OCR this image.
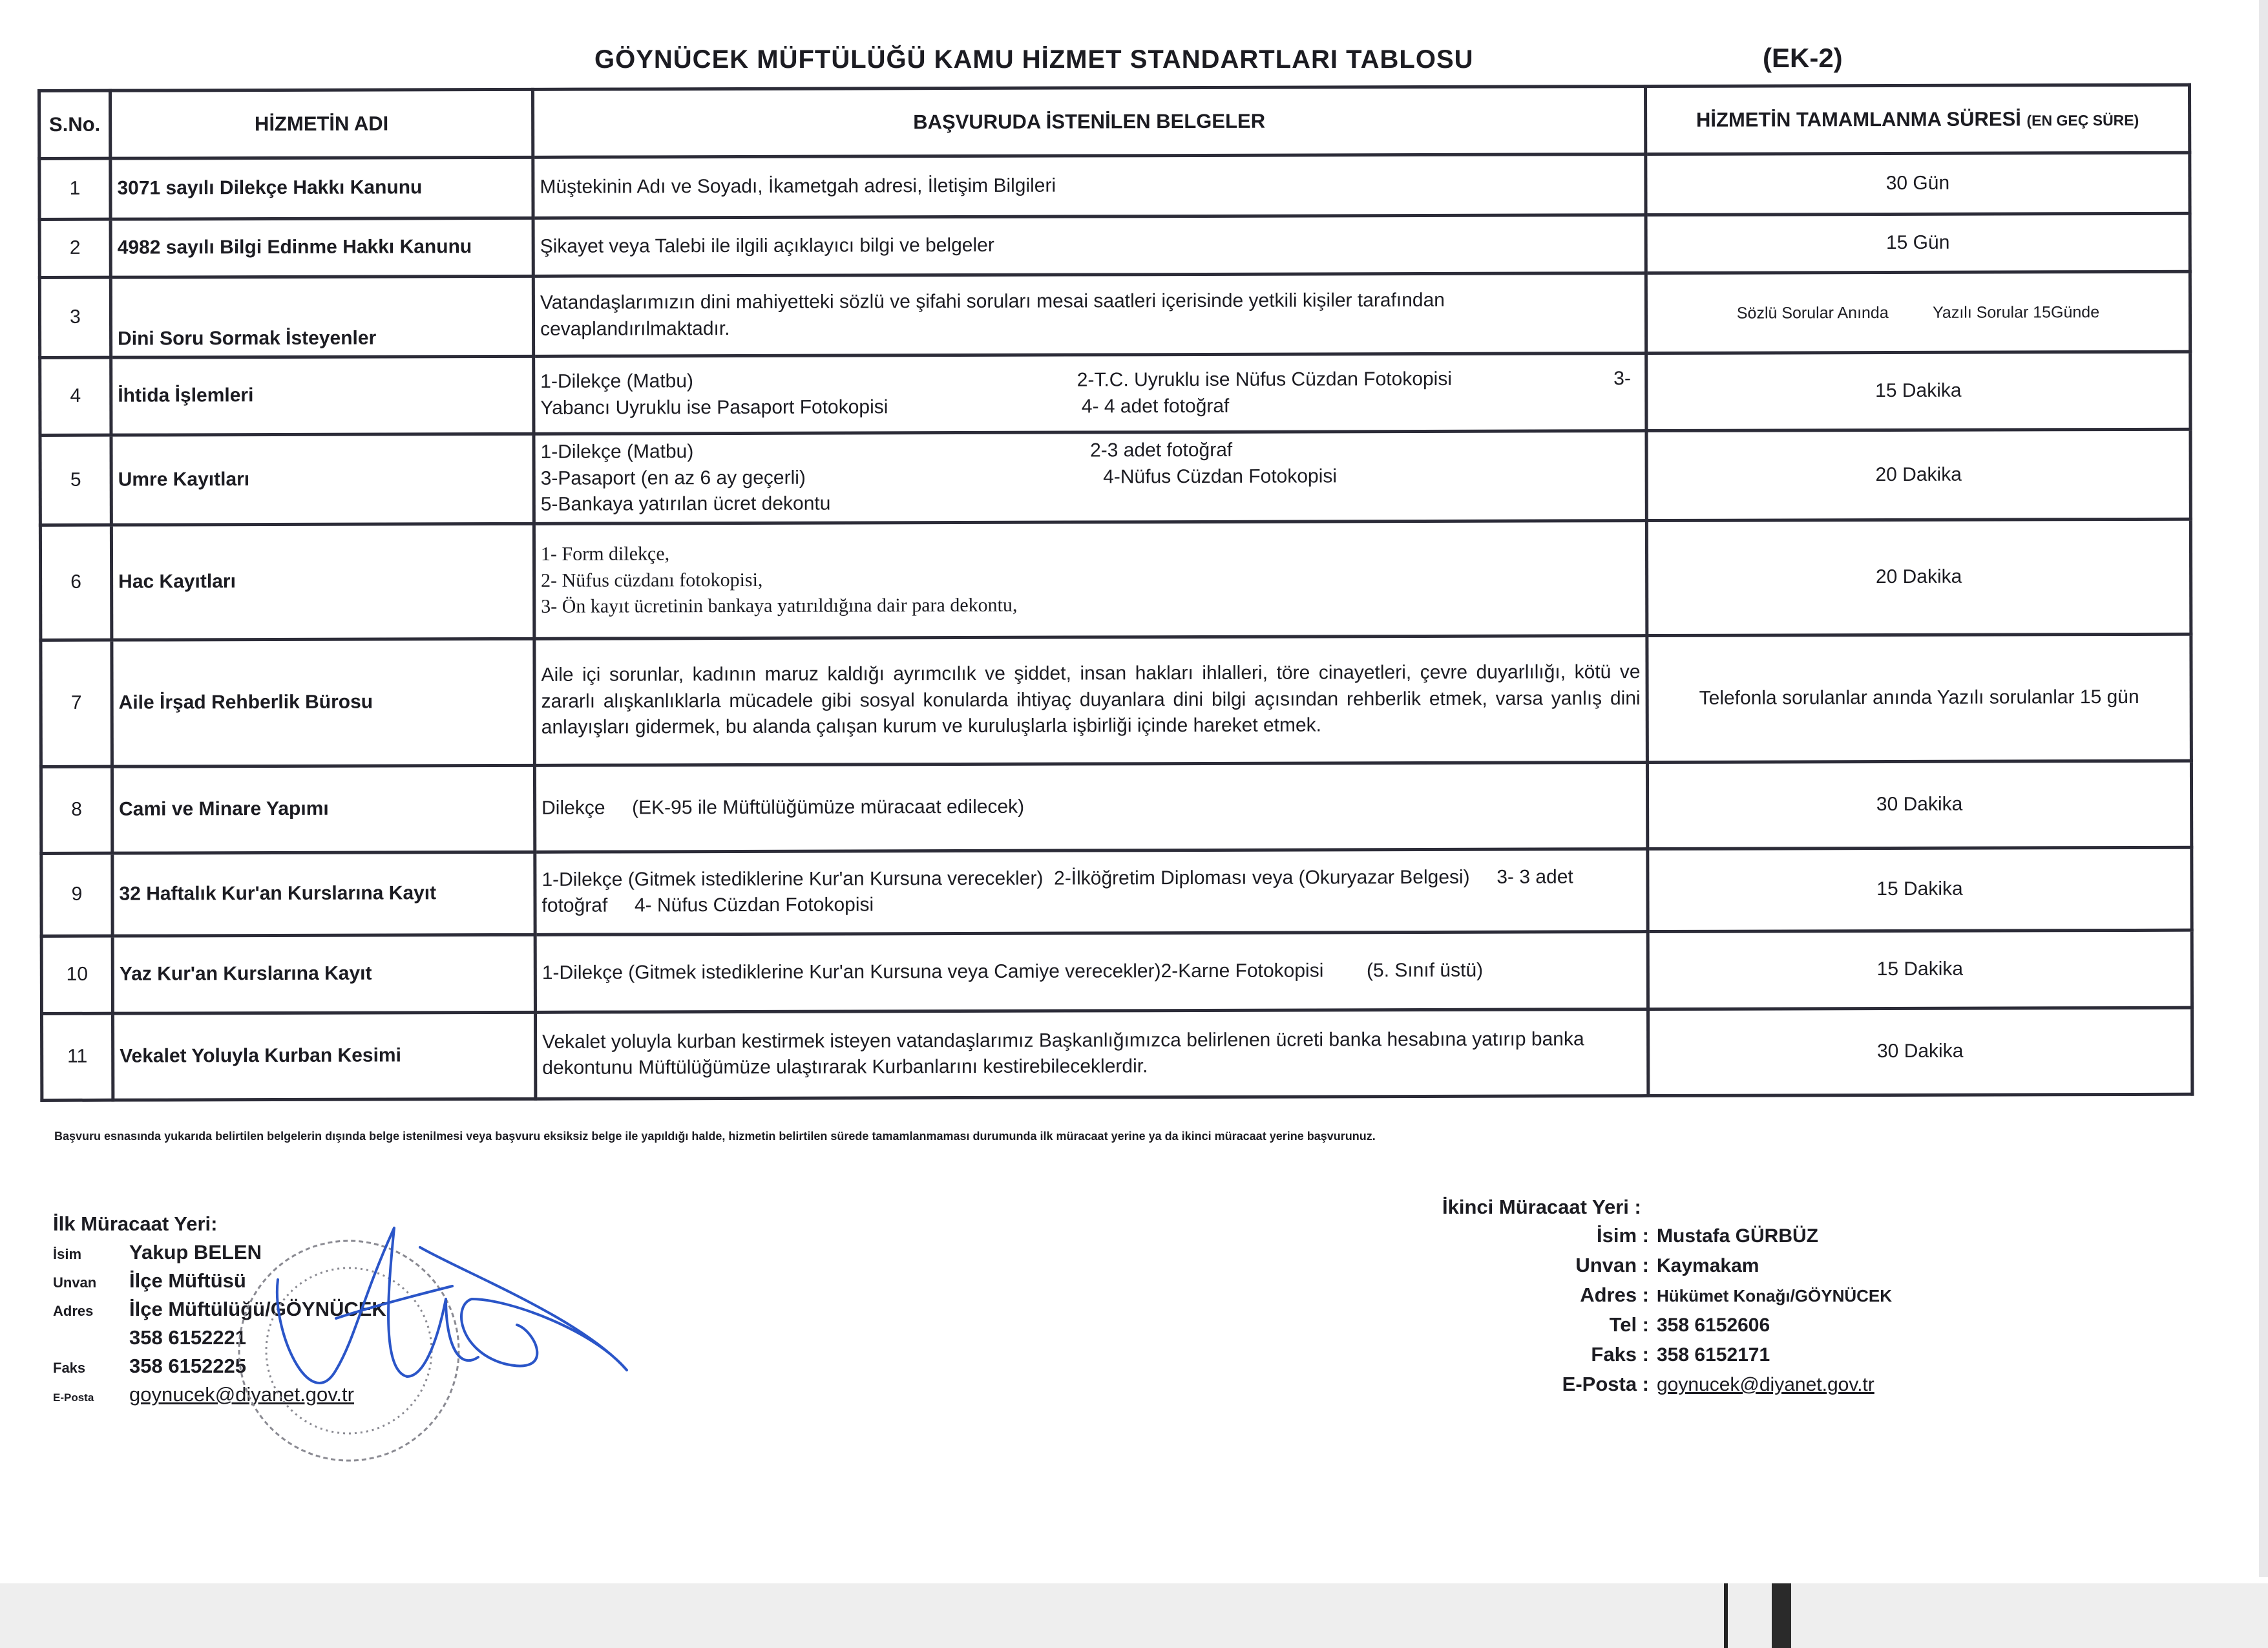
GÖYNÜCEK MÜFTÜLÜĞÜ KAMU HİZMET STANDARTLARI TABLOSU	(EK-2)
S.No.	HİZMETİN ADI	BAŞVURUDA İSTENİLEN BELGELER	HİZMETİN TAMAMLANMA SÜRESİ (EN GEÇ SÜRE)
1	3071 sayılı Dilekçe Hakkı Kanunu	Müştekinin Adı ve Soyadı, İkametgah adresi, İletişim Bilgileri	30 Gün
2	4982 sayılı Bilgi Edinme Hakkı Kanunu	Şikayet veya Talebi ile ilgili açıklayıcı bilgi ve belgeler	15 Gün
3	Dini Soru Sormak İsteyenler	Vatandaşlarımızın dini mahiyetteki sözlü ve şifahi soruları mesai saatleri içerisinde yetkili kişiler tarafından cevaplandırılmaktadır.	Sözlü Sorular Anında Yazılı Sorular 15Günde
4	İhtida İşlemleri	1-Dilekçe (Matbu) 2-T.C. Uyruklu ise Nüfus Cüzdan Fotokopisi 3-
Yabancı Uyruklu ise Pasaport Fotokopisi 4- 4 adet fotoğraf	15 Dakika
5	Umre Kayıtları	1-Dilekçe (Matbu) 2-3 adet fotoğraf
3-Pasaport (en az 6 ay geçerli) 4-Nüfus Cüzdan Fotokopisi
5-Bankaya yatırılan ücret dekontu	20 Dakika
6	Hac Kayıtları	1- Form dilekçe,
2- Nüfus cüzdanı fotokopisi,
3- Ön kayıt ücretinin bankaya yatırıldığına dair para dekontu,	20 Dakika
7	Aile İrşad Rehberlik Bürosu	Aile içi sorunlar, kadının maruz kaldığı ayrımcılık ve şiddet, insan hakları ihlalleri, töre cinayetleri, çevre duyarlılığı, kötü ve zararlı alışkanlıklarla mücadele gibi sosyal konularda ihtiyaç duyanlara dini bilgi açısından rehberlik etmek, varsa yanlış dini anlayışları gidermek, bu alanda çalışan kurum ve kuruluşlarla işbirliği içinde hareket etmek.	Telefonla sorulanlar anında Yazılı sorulanlar 15 gün
8	Cami ve Minare Yapımı	Dilekçe     (EK-95 ile Müftülüğümüze müracaat edilecek)	30 Dakika
9	32 Haftalık Kur'an Kurslarına Kayıt	1-Dilekçe (Gitmek istediklerine Kur'an Kursuna verecekler)  2-İlköğretim Diploması veya (Okuryazar Belgesi)     3- 3 adet fotoğraf     4- Nüfus Cüzdan Fotokopisi	15 Dakika
10	Yaz Kur'an Kurslarına Kayıt	1-Dilekçe (Gitmek istediklerine Kur'an Kursuna veya Camiye verecekler)2-Karne Fotokopisi        (5. Sınıf üstü)	15 Dakika
11	Vekalet Yoluyla Kurban Kesimi	Vekalet yoluyla kurban kestirmek isteyen vatandaşlarımız Başkanlığımızca belirlenen ücreti banka hesabına yatırıp banka dekontunu Müftülüğümüze ulaştırarak Kurbanlarını kestirebileceklerdir.	30 Dakika
Başvuru esnasında yukarıda belirtilen belgelerin dışında belge istenilmesi veya başvuru eksiksiz belge ile yapıldığı halde, hizmetin belirtilen sürede tamamlanmaması durumunda ilk müracaat yerine ya da ikinci müracaat yerine başvurunuz.
İlk Müracaat Yeri:
İsim	Yakup BELEN
Unvan	İlçe Müftüsü
Adres	İlçe Müftülüğü/GÖYNÜCEK
358 6152221
Faks	358 6152225
E-Posta	goynucek@diyanet.gov.tr
İkinci Müracaat Yeri :
İsim : Mustafa GÜRBÜZ
Unvan : Kaymakam
Adres : Hükümet Konağı/GÖYNÜCEK
Tel : 358 6152606
Faks : 358 6152171
E-Posta : goynucek@diyanet.gov.tr
